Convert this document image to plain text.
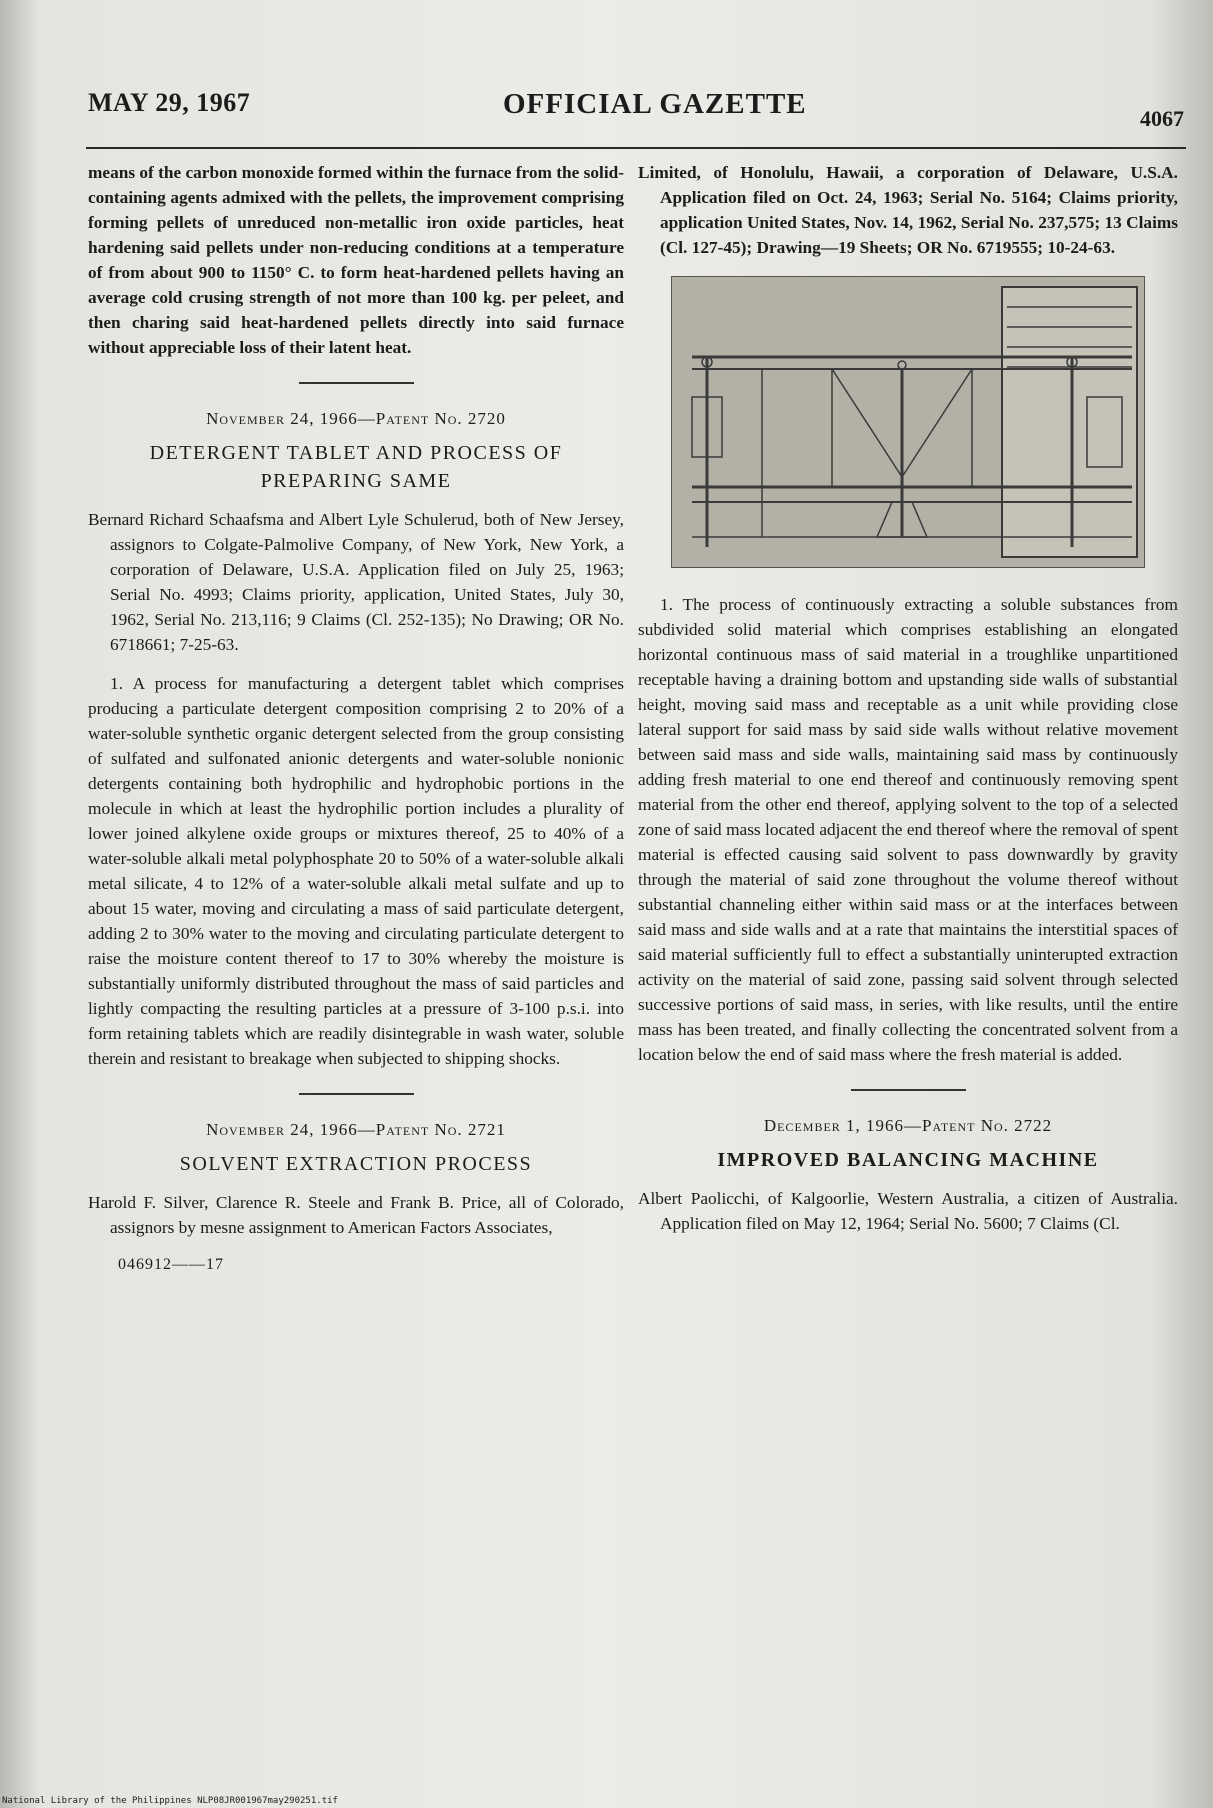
MAY 29, 1967	OFFICIAL GAZETTE	4067

means of the carbon monoxide formed within the furnace from the solid-containing agents admixed with the pellets, the improvement comprising forming pellets of unreduced non-metallic iron oxide particles, heat hardening said pellets under non-reducing conditions at a temperature of from about 900 to 1150° C. to form heat-hardened pellets having an average cold crusing strength of not more than 100 kg. per peleet, and then charing said heat-hardened pellets directly into said furnace without appreciable loss of their latent heat.

November 24, 1966—Patent No. 2720
DETERGENT TABLET AND PROCESS OF PREPARING SAME

Bernard Richard Schaafsma and Albert Lyle Schulerud, both of New Jersey, assignors to Colgate-Palmolive Company, of New York, New York, a corporation of Delaware, U.S.A. Application filed on July 25, 1963; Serial No. 4993; Claims priority, application, United States, July 30, 1962, Serial No. 213,116; 9 Claims (Cl. 252-135); No Drawing; OR No. 6718661; 7-25-63.

1. A process for manufacturing a detergent tablet which comprises producing a particulate detergent composition comprising 2 to 20% of a water-soluble synthetic organic detergent selected from the group consisting of sulfated and sulfonated anionic detergents and water-soluble nonionic detergents containing both hydrophilic and hydrophobic portions in the molecule in which at least the hydrophilic portion includes a plurality of lower joined alkylene oxide groups or mixtures thereof, 25 to 40% of a water-soluble alkali metal polyphosphate 20 to 50% of a water-soluble alkali metal silicate, 4 to 12% of a water-soluble alkali metal sulfate and up to about 15 water, moving and circulating a mass of said particulate detergent, adding 2 to 30% water to the moving and circulating particulate detergent to raise the moisture content thereof to 17 to 30% whereby the moisture is substantially uniformly distributed throughout the mass of said particles and lightly compacting the resulting particles at a pressure of 3-100 p.s.i. into form retaining tablets which are readily disintegrable in wash water, soluble therein and resistant to breakage when subjected to shipping shocks.

November 24, 1966—Patent No. 2721
SOLVENT EXTRACTION PROCESS

Harold F. Silver, Clarence R. Steele and Frank B. Price, all of Colorado, assignors by mesne assignment to American Factors Associates,

046912——17

Limited, of Honolulu, Hawaii, a corporation of Delaware, U.S.A. Application filed on Oct. 24, 1963; Serial No. 5164; Claims priority, application United States, Nov. 14, 1962, Serial No. 237,575; 13 Claims (Cl. 127-45); Drawing—19 Sheets; OR No. 6719555; 10-24-63.

1. The process of continuously extracting a soluble substances from subdivided solid material which comprises establishing an elongated horizontal continuous mass of said material in a troughlike unpartitioned receptable having a draining bottom and upstanding side walls of substantial height, moving said mass and receptable as a unit while providing close lateral support for said mass by said side walls without relative movement between said mass and side walls, maintaining said mass by continuously adding fresh material to one end thereof and continuously removing spent material from the other end thereof, applying solvent to the top of a selected zone of said mass located adjacent the end thereof where the removal of spent material is effected causing said solvent to pass downwardly by gravity through the material of said zone throughout the volume thereof without substantial channeling either within said mass or at the interfaces between said mass and side walls and at a rate that maintains the interstitial spaces of said material sufficiently full to effect a substantially uninterupted extraction activity on the material of said zone, passing said solvent through selected successive portions of said mass, in series, with like results, until the entire mass has been treated, and finally collecting the concentrated solvent from a location below the end of said mass where the fresh material is added.

December 1, 1966—Patent No. 2722
IMPROVED BALANCING MACHINE

Albert Paolicchi, of Kalgoorlie, Western Australia, a citizen of Australia. Application filed on May 12, 1964; Serial No. 5600; 7 Claims (Cl.

National Library of the Philippines NLP08JR001967may290251.tif
